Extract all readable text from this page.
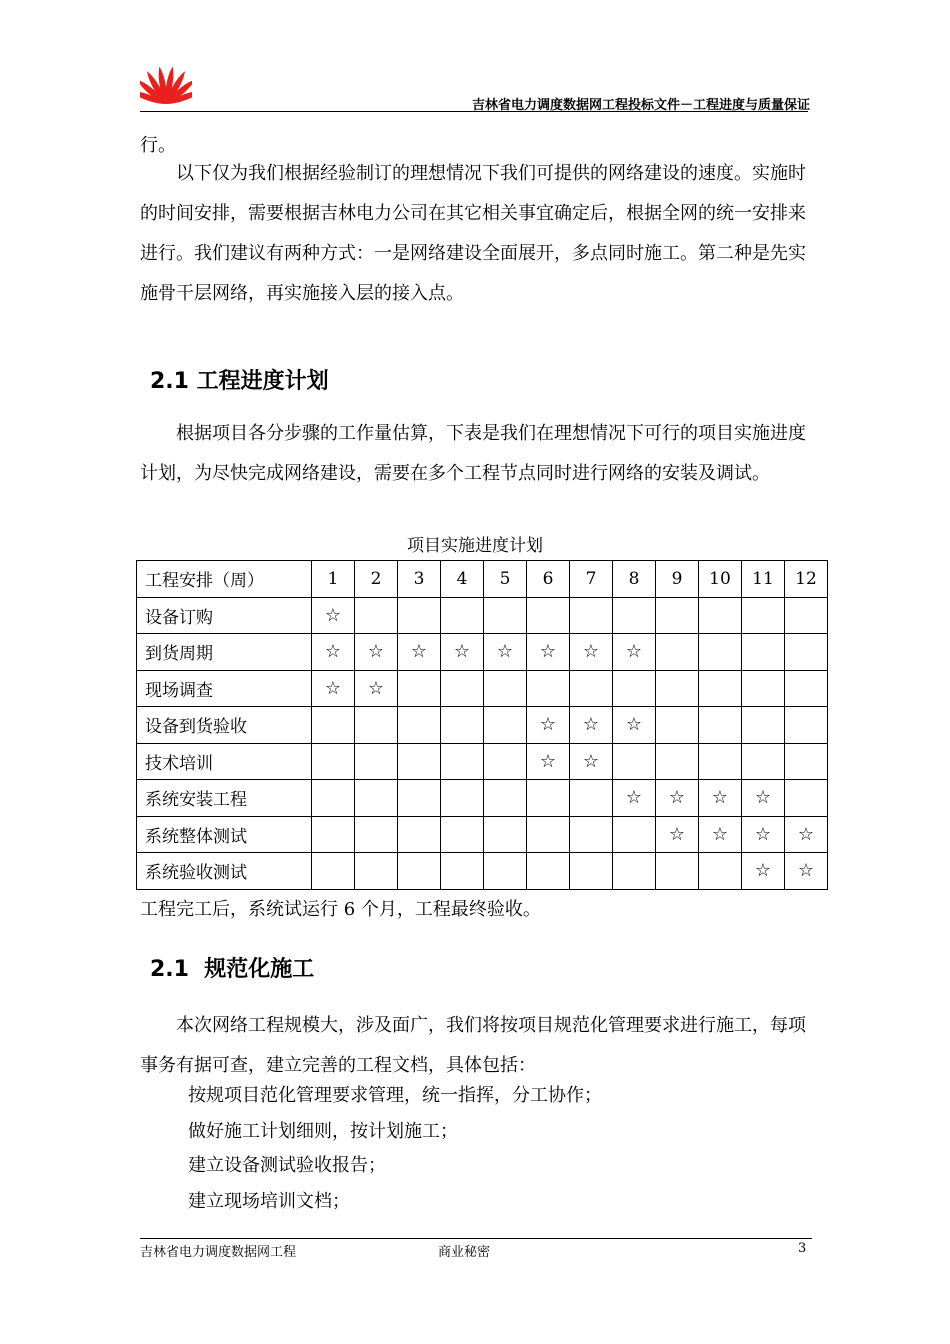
吉林省电力调度数据网工程投标文件－工程进度与质量保证

行。

以下仅为我们根据经验制订的理想情况下我们可提供的网络建设的速度。实施时的时间安排，需要根据吉林电力公司在其它相关事宜确定后，根据全网的统一安排来进行。我们建议有两种方式：一是网络建设全面展开，多点同时施工。第二种是先实施骨干层网络，再实施接入层的接入点。

2.1 工程进度计划

根据项目各分步骤的工作量估算，下表是我们在理想情况下可行的项目实施进度计划，为尽快完成网络建设，需要在多个工程节点同时进行网络的安装及调试。

项目实施进度计划
工程安排（周）	1	2	3	4	5	6	7	8	9	10	11	12
设备订购	☆											
到货周期	☆	☆	☆	☆	☆	☆	☆	☆				
现场调查	☆	☆										
设备到货验收						☆	☆	☆				
技术培训						☆	☆					
系统安装工程								☆	☆	☆	☆	
系统整体测试									☆	☆	☆	☆
系统验收测试											☆	☆
工程完工后，系统试运行 6 个月，工程最终验收。
2.1  规范化施工

本次网络工程规模大，涉及面广，我们将按项目规范化管理要求进行施工，每项事务有据可查，建立完善的工程文档，具体包括：

按规项目范化管理要求管理，统一指挥，分工协作；
做好施工计划细则，按计划施工；
建立设备测试验收报告；
建立现场培训文档；
吉林省电力调度数据网工程	商业秘密	3
